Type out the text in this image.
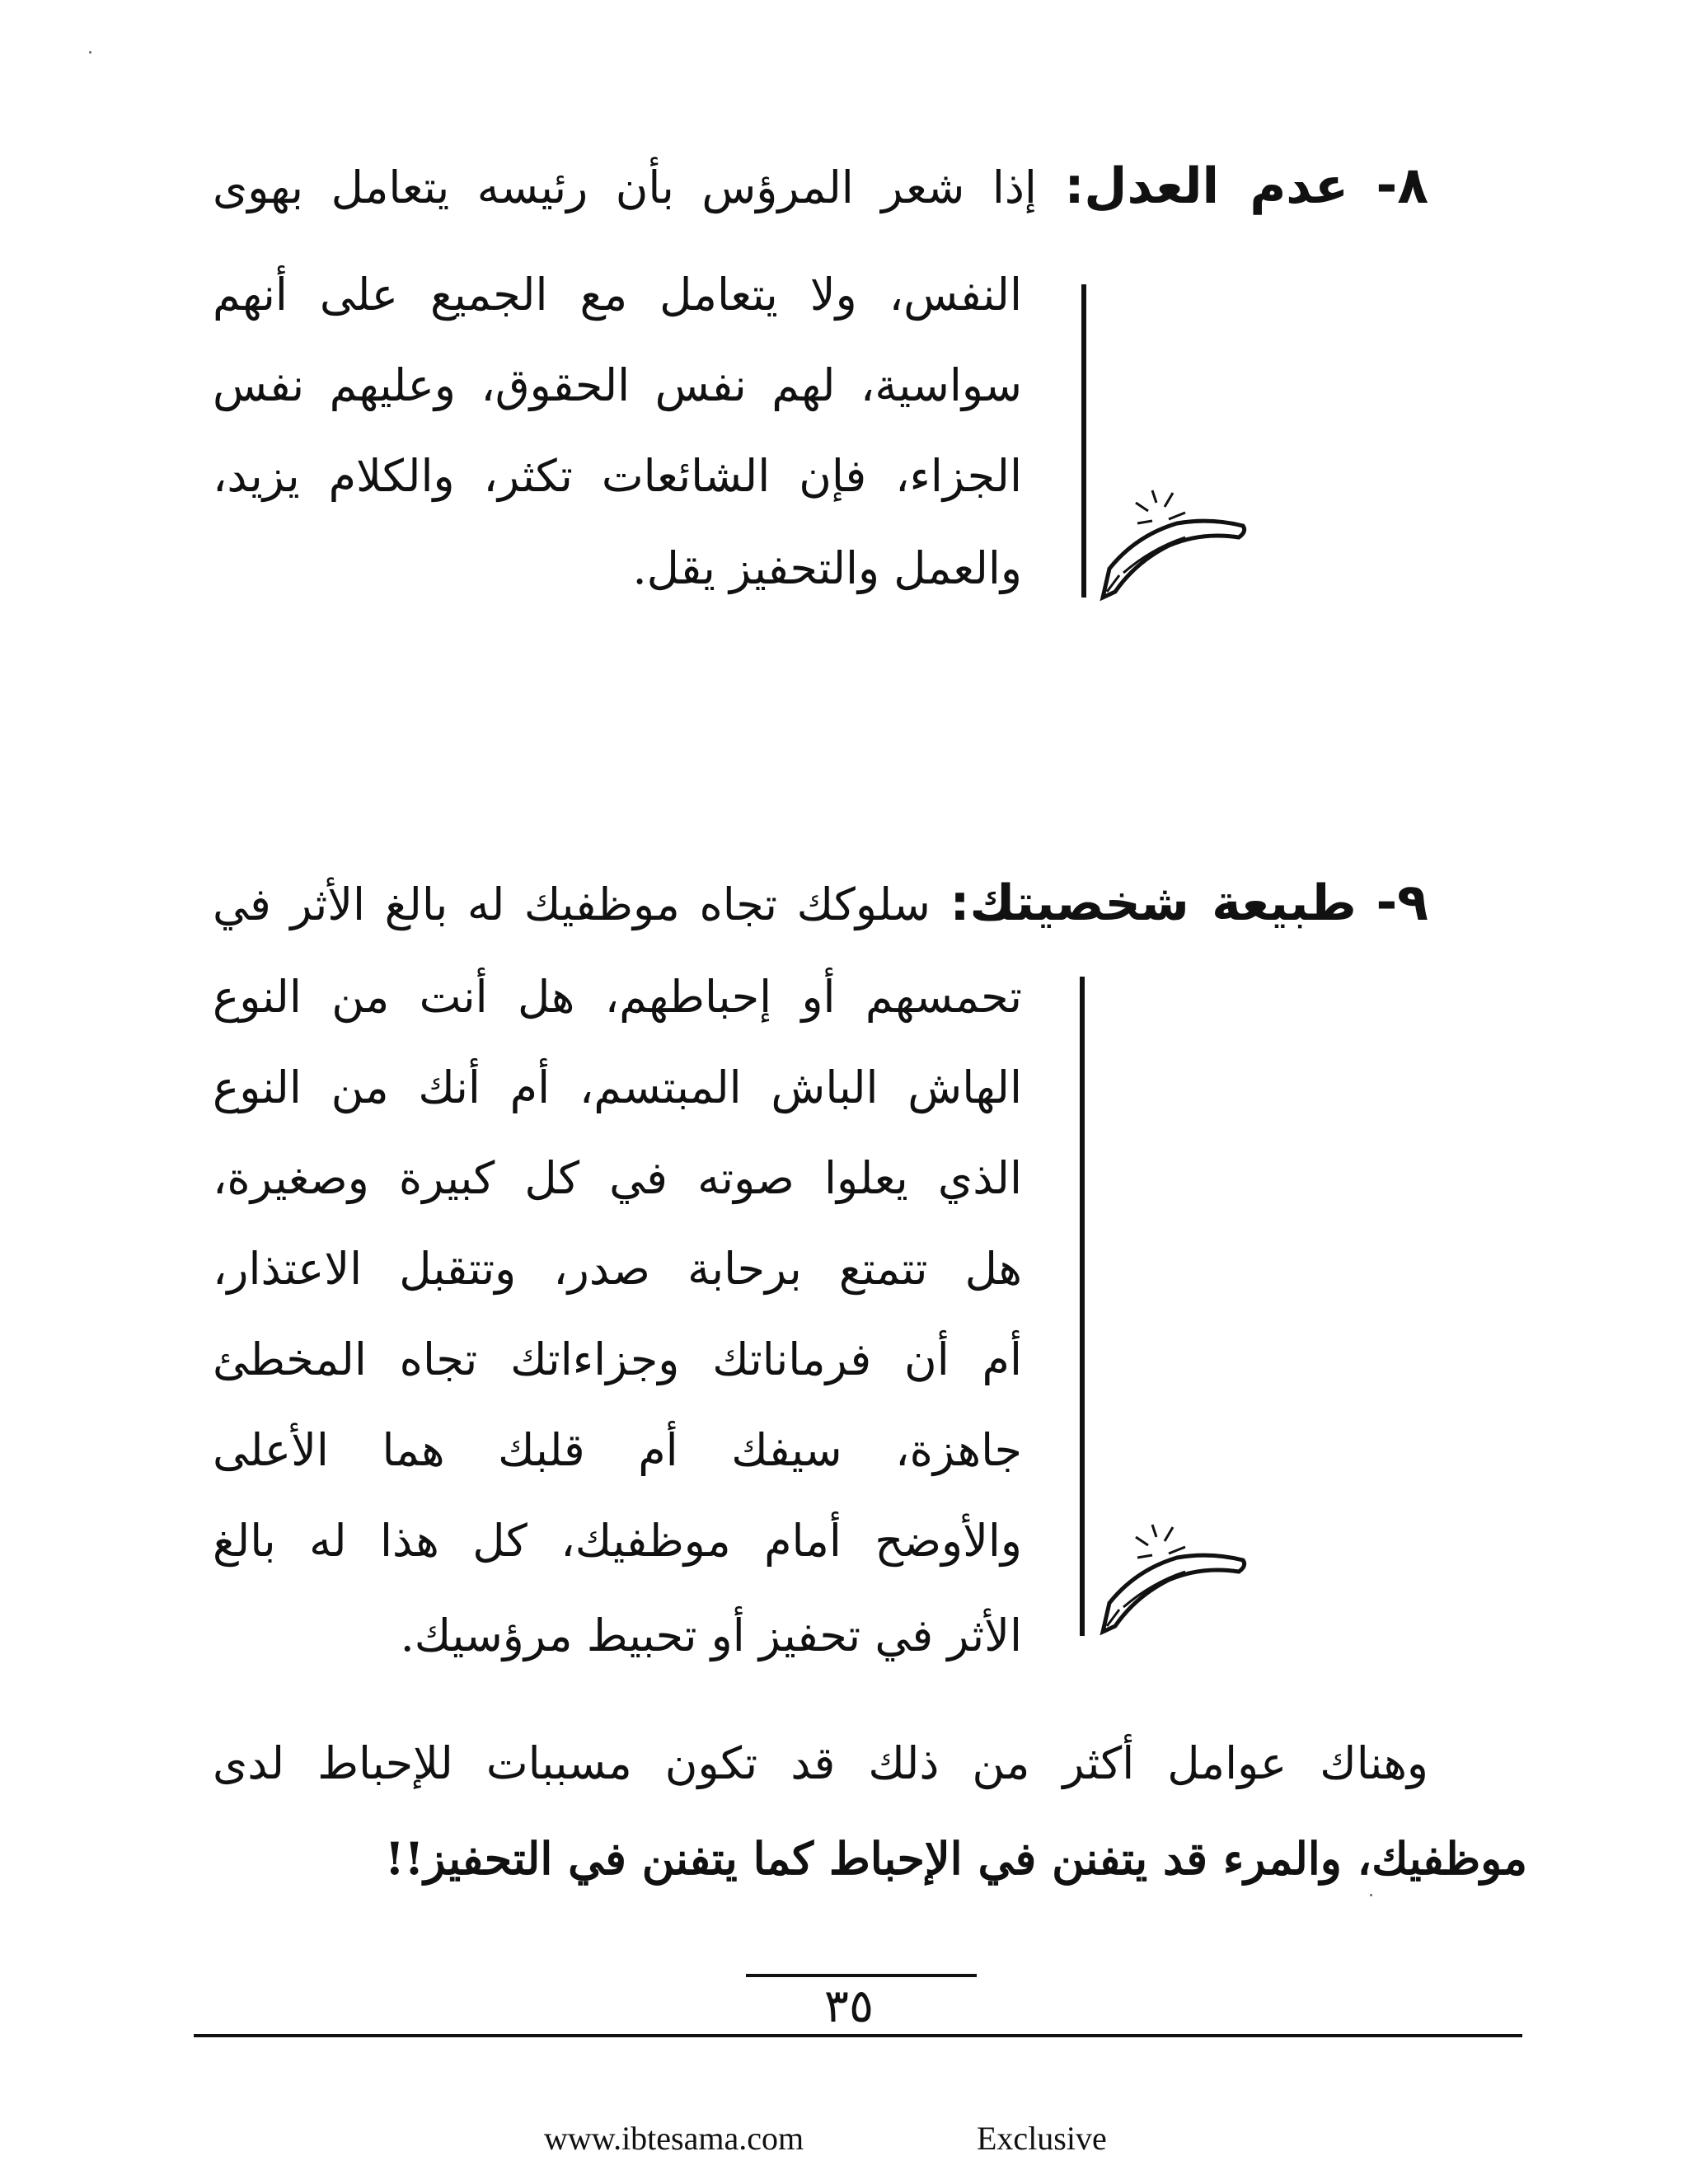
٨- عدم العدل: إذا شعر المرؤس بأن رئيسه يتعامل بهوى
النفس، ولا يتعامل مع الجميع على أنهم
سواسية، لهم نفس الحقوق، وعليهم نفس
الجزاء، فإن الشائعات تكثر، والكلام يزيد،
والعمل والتحفيز يقل.
٩- طبيعة شخصيتك: سلوكك تجاه موظفيك له بالغ الأثر في
تحمسهم أو إحباطهم، هل أنت من النوع
الهاش الباش المبتسم، أم أنك من النوع
الذي يعلوا صوته في كل كبيرة وصغيرة،
هل تتمتع برحابة صدر، وتتقبل الاعتذار،
أم أن فرماناتك وجزاءاتك تجاه المخطئ
جاهزة، سيفك أم قلبك هما الأعلى
والأوضح أمام موظفيك، كل هذا له بالغ
الأثر في تحفيز أو تحبيط مرؤسيك.
وهناك عوامل أكثر من ذلك قد تكون مسببات للإحباط لدى
موظفيك، والمرء قد يتفنن في الإحباط كما يتفنن في التحفيز!!
٣٥
www.ibtesama.com	Exclusive
